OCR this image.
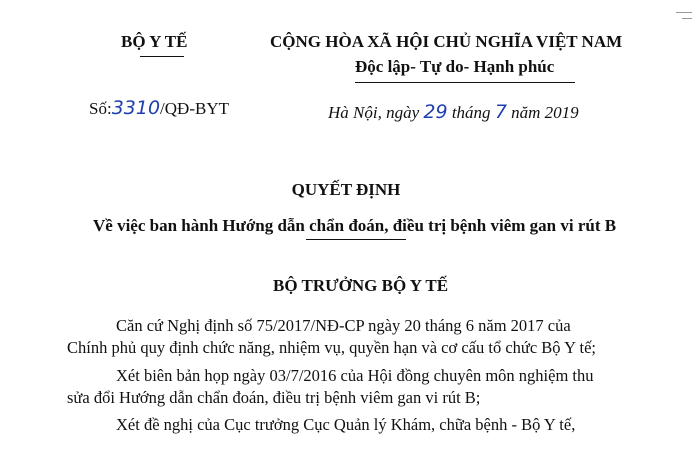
BỘ Y TẾ	CỘNG HÒA XÃ HỘI CHỦ NGHĨA VIỆT NAM
Độc lập- Tự do- Hạnh phúc
Số:3310/QĐ-BYT	Hà Nội, ngày 29 tháng 7 năm 2019
QUYẾT ĐỊNH
Về việc ban hành Hướng dẫn chẩn đoán, điều trị bệnh viêm gan vi rút B
BỘ TRƯỞNG BỘ Y TẾ
Căn cứ Nghị định số 75/2017/NĐ-CP ngày 20 tháng 6 năm 2017 của
Chính phủ quy định chức năng, nhiệm vụ, quyền hạn và cơ cấu tổ chức Bộ Y tế;
Xét biên bản họp ngày 03/7/2016 của Hội đồng chuyên môn nghiệm thu
sửa đổi Hướng dẫn chẩn đoán, điều trị bệnh viêm gan vi rút B;
Xét đề nghị của Cục trưởng Cục Quản lý Khám, chữa bệnh - Bộ Y tế,
